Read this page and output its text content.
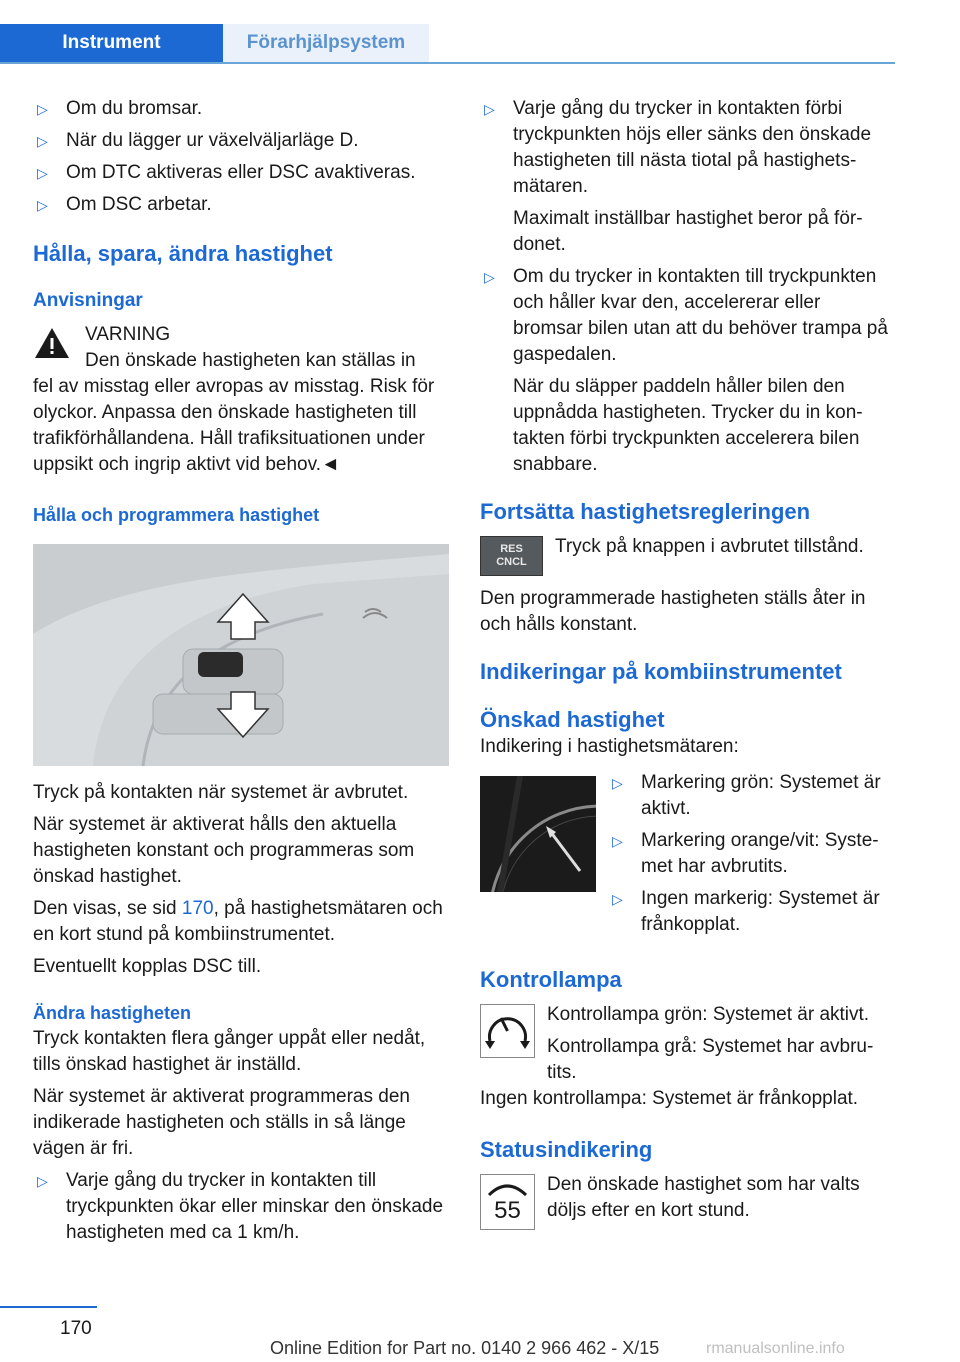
Instrument	Förarhjälpsystem
▷ Om du bromsar.
▷ När du lägger ur växelväljarläge D.
▷ Om DTC aktiveras eller DSC avaktiveras.
▷ Om DSC arbetar.
Hålla, spara, ändra hastighet
Anvisningar

VARNING

Den önskade hastigheten kan ställas in

fel av misstag eller avropas av misstag. Risk för olyckor. Anpassa den önskade hastigheten till trafikförhållandena. Håll trafiksituationen under uppsikt och ingrip aktivt vid behov.◄

Hålla och programmera hastighet

Tryck på kontakten när systemet är avbrutet.

När systemet är aktiverat hålls den aktuella hastigheten konstant och programmeras som önskad hastighet.

Den visas, se sid 170, på hastighetsmätaren och en kort stund på kombiinstrumentet.

Eventuellt kopplas DSC till.

Ändra hastigheten

Tryck kontakten flera gånger uppåt eller nedåt, tills önskad hastighet är inställd.

När systemet är aktiverat programmeras den indikerade hastigheten och ställs in så länge vägen är fri.

▷ Varje gång du trycker in kontakten till tryckpunkten ökar eller minskar den önskade hastigheten med ca 1 km/h.
▷ Varje gång du trycker in kontakten förbi tryckpunkten höjs eller sänks den önskade hastigheten till nästa tiotal på hastighetsmätaren.

Maximalt inställbar hastighet beror på fördonet.

▷ Om du trycker in kontakten till tryckpunkten och håller kvar den, accelererar eller bromsar bilen utan att du behöver trampa på gaspedalen.

När du släpper paddeln håller bilen den uppnådda hastigheten. Trycker du in kontakten förbi tryckpunkten accelerera bilen snabbare.

Fortsätta hastighetsregleringen
RES CNCL

Tryck på knappen i avbrutet tillstånd.

Den programmerade hastigheten ställs åter in och hålls konstant.

Indikeringar på kombiinstrumentet
Önskad hastighet

Indikering i hastighetsmätaren:

▷ Markering grön: Systemet är aktivt.
▷ Markering orange/vit: Systemet har avbrutits.
▷ Ingen markerig: Systemet är frånkopplat.
Kontrollampa

Kontrollampa grön: Systemet är aktivt.

Kontrollampa grå: Systemet har avbrutits.

Ingen kontrollampa: Systemet är frånkopplat.

Statusindikering
55

Den önskade hastighet som har valts döljs efter en kort stund.

170
Online Edition for Part no. 0140 2 966 462 - X/15	rmanualsonline.info
